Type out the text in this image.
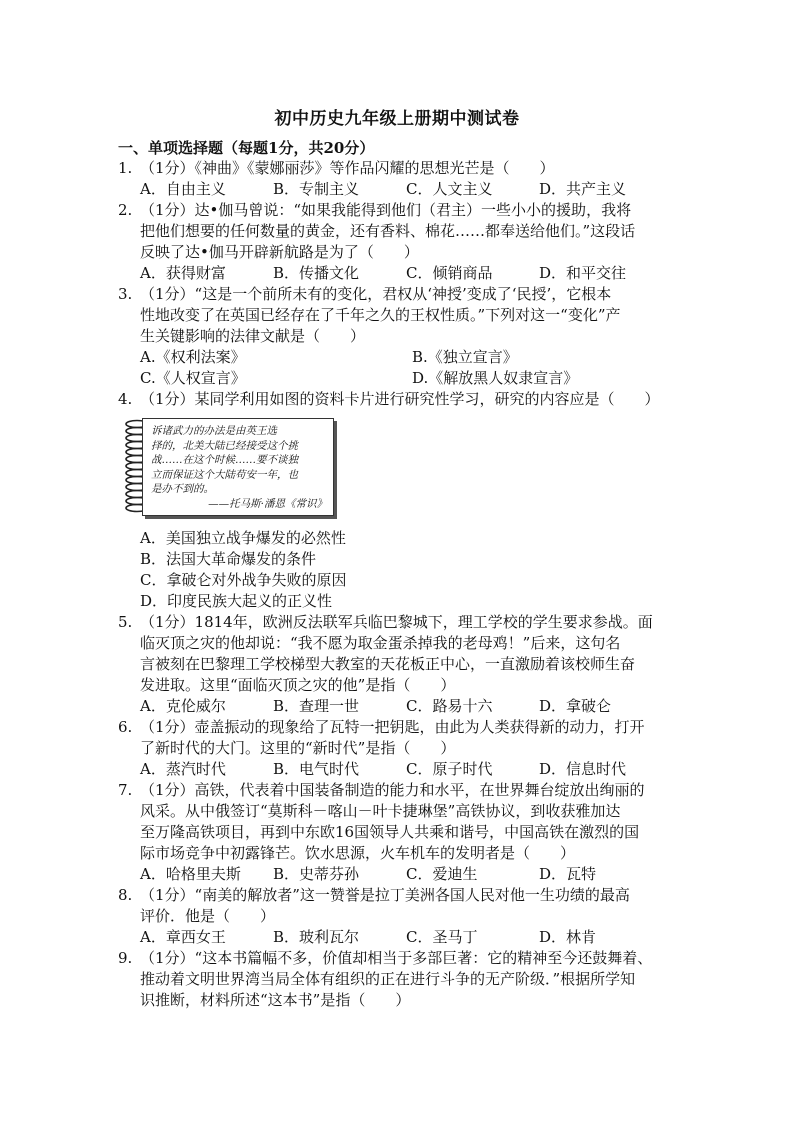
初中历史九年级上册期中测试卷
一、单项选择题（每题1分，共20分）
1. （1分）《神曲》《蒙娜丽莎》等作品闪耀的思想光芒是（　　）
A．自由主义	B．专制主义	C．人文主义	D．共产主义
2. （1分）达•伽马曾说：“如果我能得到他们（君主）一些小小的援助，我将
把他们想要的任何数量的黄金，还有香料、棉花……都奉送给他们。”这段话
反映了达•伽马开辟新航路是为了（　　）
A．获得财富	B．传播文化	C．倾销商品	D．和平交往
3. （1分）“这是一个前所未有的变化，君权从‘神授’变成了‘民授’，它根本
性地改变了在英国已经存在了千年之久的王权性质。”下列对这一“变化”产
生关键影响的法律文献是（　　）
A.《权利法案》	B.《独立宣言》
C.《人权宣言》	D.《解放黑人奴隶宣言》
4. （1分）某同学利用如图的资料卡片进行研究性学习，研究的内容应是（　　）
诉诸武力的办法是由英王选
择的，北美大陆已经接受这个挑
战……在这个时候……要不谈独
立而保证这个大陆苟安一年，也
是办不到的。
——托马斯·潘恩《常识》
A．美国独立战争爆发的必然性
B．法国大革命爆发的条件
C．拿破仑对外战争失败的原因
D．印度民族大起义的正义性
5. （1分）1814年，欧洲反法联军兵临巴黎城下，理工学校的学生要求参战。面
临灭顶之灾的他却说：“我不愿为取金蛋杀掉我的老母鸡！”后来，这句名
言被刻在巴黎理工学校梯型大教室的天花板正中心，一直激励着该校师生奋
发进取。这里“面临灭顶之灾的他”是指（　　）
A．克伦威尔	B．查理一世	C．路易十六	D．拿破仑
6. （1分）壶盖振动的现象给了瓦特一把钥匙，由此为人类获得新的动力，打开
了新时代的大门。这里的“新时代”是指（　　）
A．蒸汽时代	B．电气时代	C．原子时代	D．信息时代
7. （1分）高铁，代表着中国装备制造的能力和水平，在世界舞台绽放出绚丽的
风采。从中俄签订“莫斯科－喀山－叶卡捷琳堡”高铁协议，到收获雅加达
至万隆高铁项目，再到中东欧16国领导人共乘和谐号，中国高铁在激烈的国
际市场竞争中初露锋芒。饮水思源，火车机车的发明者是（　　）
A．哈格里夫斯	B．史蒂芬孙	C．爱迪生	D．瓦特
8. （1分）“南美的解放者”这一赞誉是拉丁美洲各国人民对他一生功绩的最高
评价．他是（　　）
A．章西女王	B．玻利瓦尔	C．圣马丁	D．林肯
9. （1分）“这本书篇幅不多，价值却相当于多部巨著：它的精神至今还鼓舞着、
推动着文明世界湾当局全体有组织的正在进行斗争的无产阶级．”根据所学知
识推断，材料所述“这本书”是指（　　）
